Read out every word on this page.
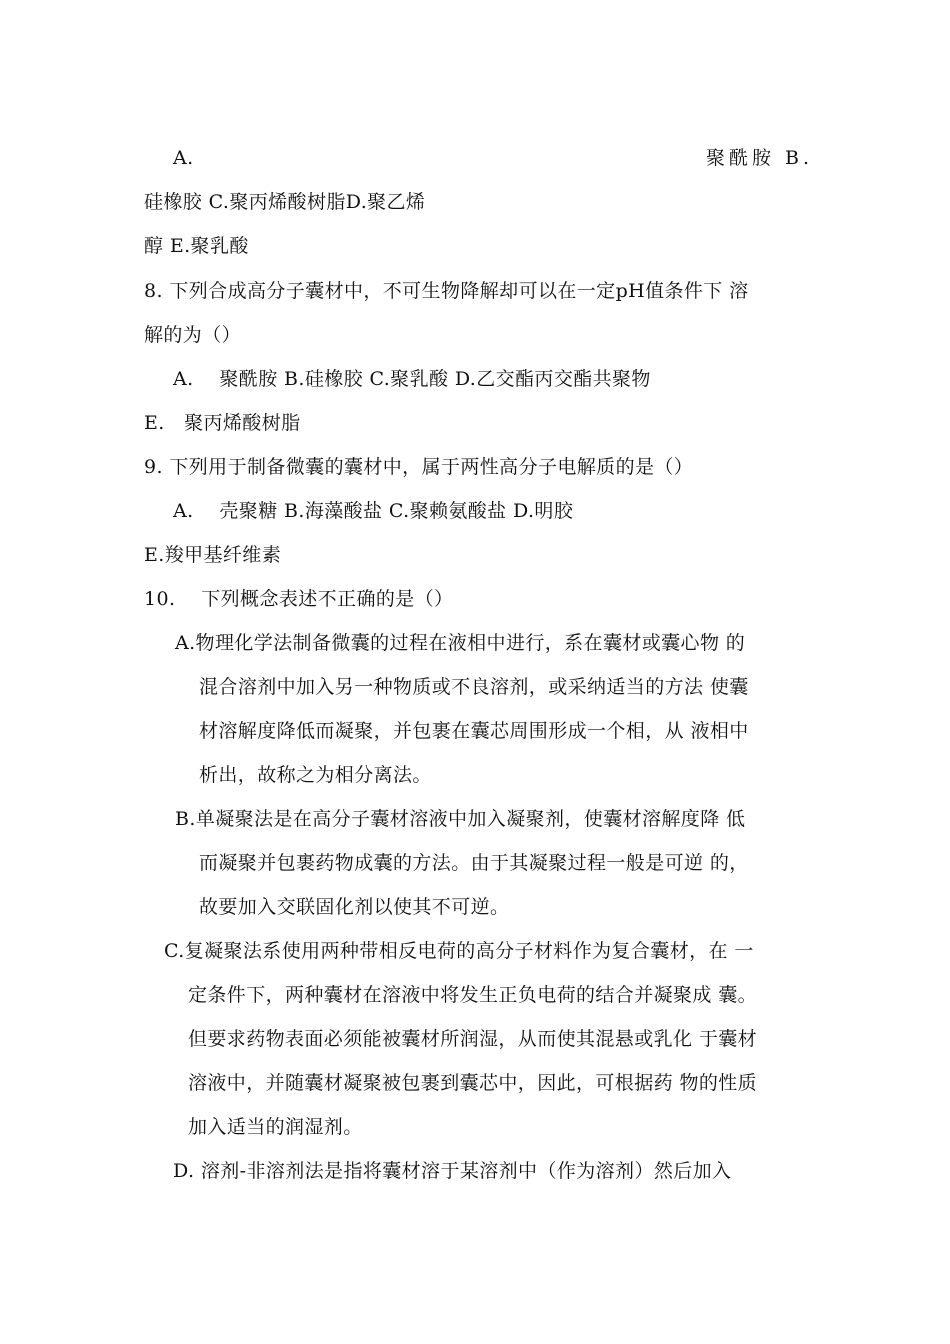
A.	聚酰胺 B.
硅橡胶 C.聚丙烯酸树脂D.聚乙烯
醇 E.聚乳酸
8. 下列合成高分子囊材中，不可生物降解却可以在一定pH值条件下 溶
解的为（）
A.　 聚酰胺 B.硅橡胶 C.聚乳酸 D.乙交酯丙交酯共聚物
E.　聚丙烯酸树脂
9. 下列用于制备微囊的囊材中，属于两性高分子电解质的是（）
A.　 壳聚糖 B.海藻酸盐 C.聚赖氨酸盐 D.明胶
E.羧甲基纤维素
10.　 下列概念表述不正确的是（）
A.物理化学法制备微囊的过程在液相中进行，系在囊材或囊心物 的
混合溶剂中加入另一种物质或不良溶剂，或采纳适当的方法 使囊
材溶解度降低而凝聚，并包裹在囊芯周围形成一个相，从 液相中
析出，故称之为相分离法。
B.单凝聚法是在高分子囊材溶液中加入凝聚剂，使囊材溶解度降 低
而凝聚并包裹药物成囊的方法。由于其凝聚过程一般是可逆 的，
故要加入交联固化剂以使其不可逆。
C.复凝聚法系使用两种带相反电荷的高分子材料作为复合囊材，在 一
定条件下，两种囊材在溶液中将发生正负电荷的结合并凝聚成 囊。
但要求药物表面必须能被囊材所润湿，从而使其混悬或乳化 于囊材
溶液中，并随囊材凝聚被包裹到囊芯中，因此，可根据药 物的性质
加入适当的润湿剂。
D. 溶剂-非溶剂法是指将囊材溶于某溶剂中（作为溶剂）然后加入
